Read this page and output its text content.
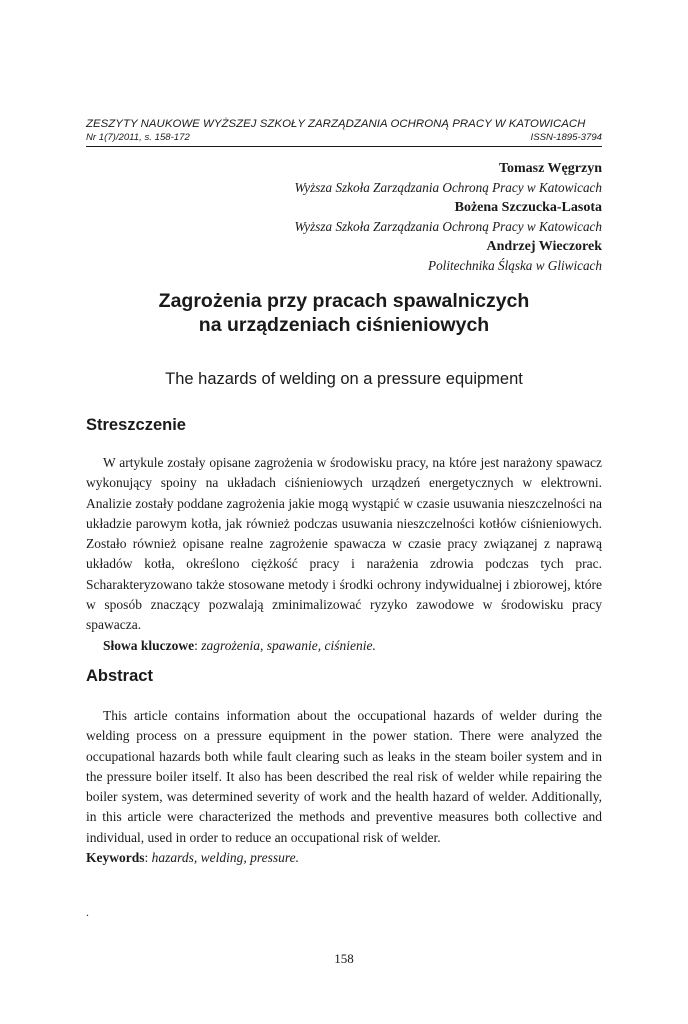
ZESZYTY NAUKOWE WYŻSZEJ SZKOŁY ZARZĄDZANIA OCHRONĄ PRACY W KATOWICACH
Nr 1(7)/2011, s. 158-172	ISSN-1895-3794
Tomasz Węgrzyn
Wyższa Szkoła Zarządzania Ochroną Pracy w Katowicach
Bożena Szczucka-Lasota
Wyższa Szkoła Zarządzania Ochroną Pracy w Katowicach
Andrzej Wieczorek
Politechnika Śląska w Gliwicach
Zagrożenia przy pracach spawalniczych
na urządzeniach ciśnieniowych
The hazards of welding on a pressure equipment
Streszczenie

W artykule zostały opisane zagrożenia w środowisku pracy, na które jest narażony spawacz wykonujący spoiny na układach ciśnieniowych urządzeń energetycznych w elektrowni. Analizie zostały poddane zagrożenia jakie mogą wystąpić w czasie usuwania nieszczelności na układzie parowym kotła, jak również podczas usuwania nieszczelności kotłów ciśnieniowych. Zostało również opisane realne zagrożenie spawacza w czasie pracy związanej z naprawą układów kotła, określono ciężkość pracy i narażenia zdrowia podczas tych prac. Scharakteryzowano także stosowane metody i środki ochrony indywidualnej i zbiorowej, które w sposób znaczący pozwalają zminimalizować ryzyko zawodowe w środowisku pracy spawacza.

Słowa kluczowe: zagrożenia, spawanie, ciśnienie.
Abstract

This article contains information about the occupational hazards of welder during the welding process on a pressure equipment in the power station. There were analyzed the occupational hazards both while fault clearing such as leaks in the steam boiler system and in the pressure boiler itself. It also has been described the real risk of welder while repairing the boiler system, was determined severity of work and the health hazard of welder. Additionally, in this article were characterized the methods and preventive measures both collective and individual, used in order to reduce an occupational risk of welder.

Keywords: hazards, welding, pressure.
.
158
